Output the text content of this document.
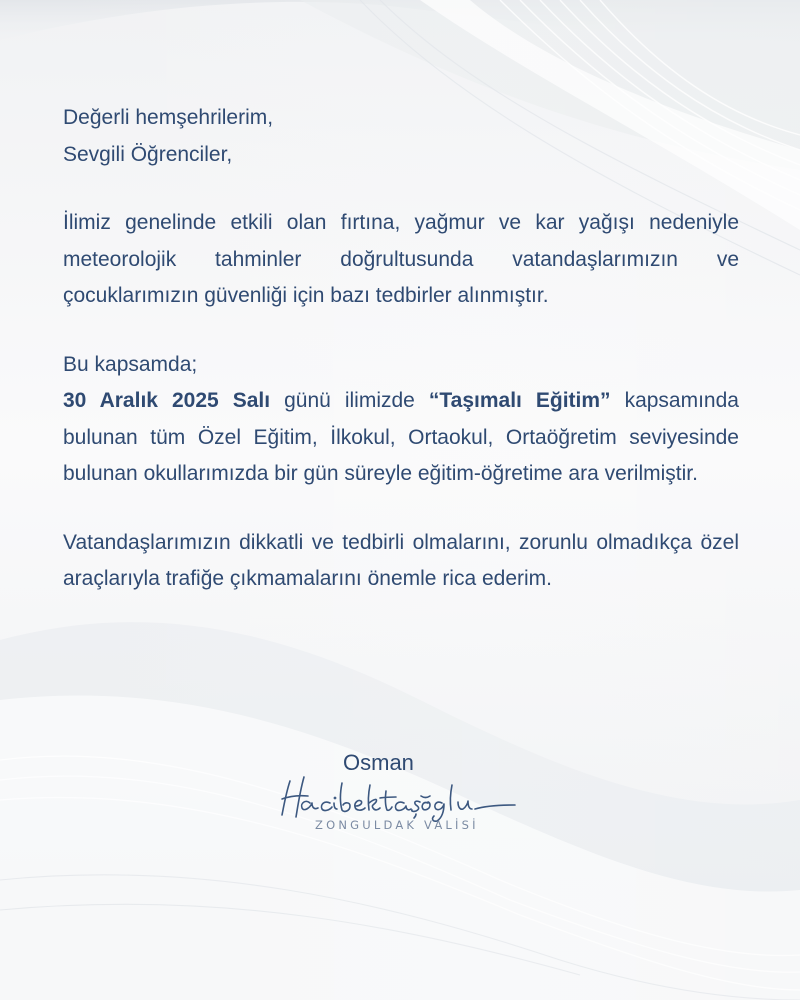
Değerli hemşehrilerim,

Sevgili Öğrenciler,

İlimiz genelinde etkili olan fırtına, yağmur ve kar yağışı nedeniyle meteorolojik tahminler doğrultusunda vatandaşlarımızın ve çocuklarımızın güvenliği için bazı tedbirler alınmıştır.

Bu kapsamda;

30 Aralık 2025 Salı günü ilimizde “Taşımalı Eğitim” kapsamında bulunan tüm Özel Eğitim, İlkokul, Ortaokul, Ortaöğretim seviyesinde bulunan okullarımızda bir gün süreyle eğitim-öğretime ara verilmiştir.

Vatandaşlarımızın dikkatli ve tedbirli olmalarını, zorunlu olmadıkça özel araçlarıyla trafiğe çıkmamalarını önemle rica ederim.

Osman
ZONGULDAK VALİSİ
